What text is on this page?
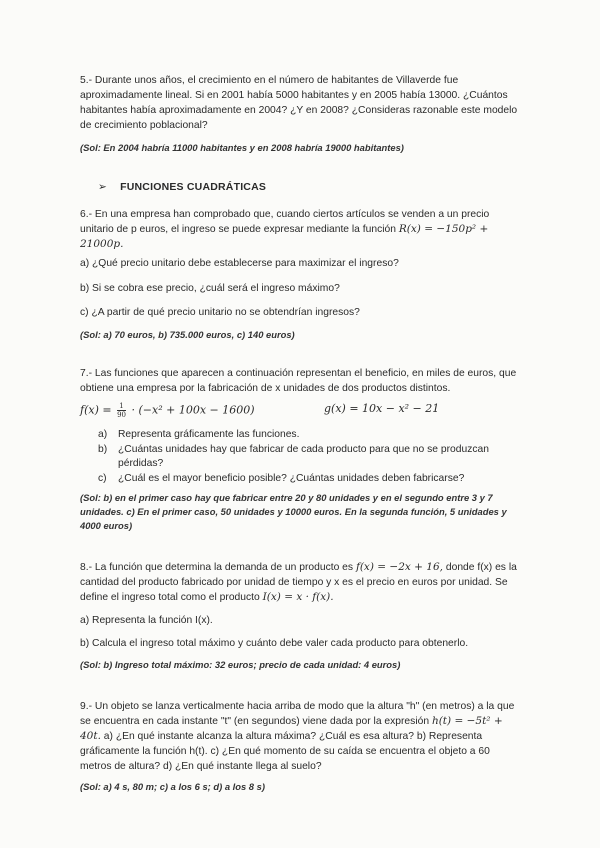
5.- Durante unos años, el crecimiento en el número de habitantes de Villaverde fue aproximadamente lineal. Si en 2001 había 5000 habitantes y en 2005 había 13000. ¿Cuántos habitantes había aproximadamente en 2004? ¿Y en 2008? ¿Consideras razonable este modelo de crecimiento poblacional?

(Sol: En 2004 habría 11000 habitantes y en 2008 habría 19000 habitantes)
➢ FUNCIONES CUADRÁTICAS

6.- En una empresa han comprobado que, cuando ciertos artículos se venden a un precio unitario de p euros, el ingreso se puede expresar mediante la función R(x) = −150p² + 21000p.

a) ¿Qué precio unitario debe establecerse para maximizar el ingreso?
b) Si se cobra ese precio, ¿cuál será el ingreso máximo?
c) ¿A partir de qué precio unitario no se obtendrían ingresos?
(Sol: a) 70 euros, b) 735.000 euros, c) 140 euros)
7.- Las funciones que aparecen a continuación representan el beneficio, en miles de euros, que obtiene una empresa por la fabricación de x unidades de dos productos distintos.
$f(x) = \frac{1}{90} \cdot (-x^2 + 100x - 1600)$	g(x) = 10x − x² − 21
a) Representa gráficamente las funciones.
b) ¿Cuántas unidades hay que fabricar de cada producto para que no se produzcan pérdidas?
c) ¿Cuál es el mayor beneficio posible? ¿Cuántas unidades deben fabricarse?
(Sol: b) en el primer caso hay que fabricar entre 20 y 80 unidades y en el segundo entre 3 y 7 unidades. c) En el primer caso, 50 unidades y 10000 euros. En la segunda función, 5 unidades y 4000 euros)
8.- La función que determina la demanda de un producto es f(x) = −2x + 16, donde f(x) es la cantidad del producto fabricado por unidad de tiempo y x es el precio en euros por unidad. Se define el ingreso total como el producto I(x) = x · f(x).
a) Representa la función I(x).
b) Calcula el ingreso total máximo y cuánto debe valer cada producto para obtenerlo.
(Sol: b) Ingreso total máximo: 32 euros; precio de cada unidad: 4 euros)
9.- Un objeto se lanza verticalmente hacia arriba de modo que la altura "h" (en metros) a la que se encuentra en cada instante "t" (en segundos) viene dada por la expresión h(t) = −5t² + 40t. a) ¿En qué instante alcanza la altura máxima? ¿Cuál es esa altura? b) Representa gráficamente la función h(t). c) ¿En qué momento de su caída se encuentra el objeto a 60 metros de altura? d) ¿En qué instante llega al suelo?
(Sol: a) 4 s, 80 m; c) a los 6 s; d) a los 8 s)
